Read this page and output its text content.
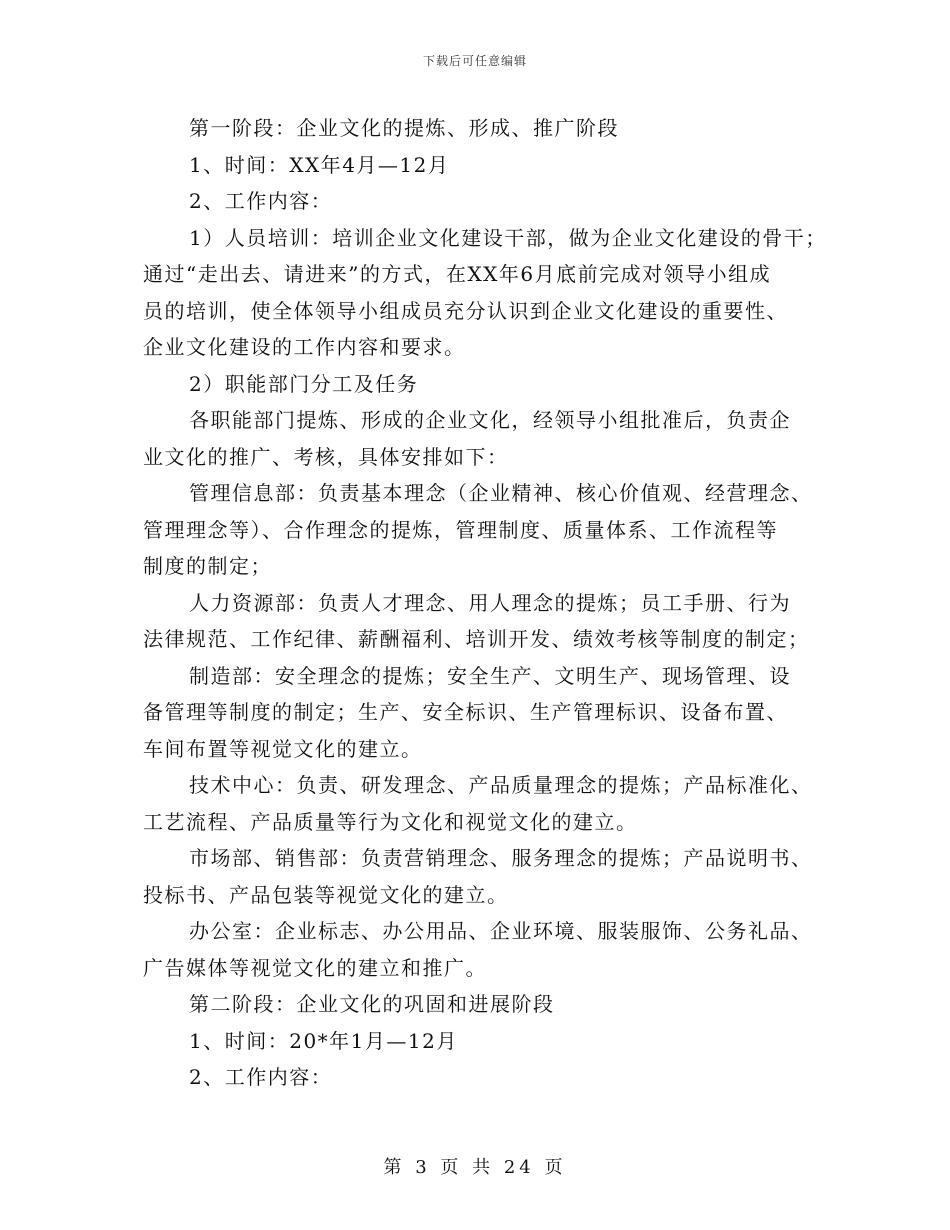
下载后可任意编辑
第一阶段：企业文化的提炼、形成、推广阶段
1、时间：XX年4月—12月
2、工作内容：
1）人员培训：培训企业文化建设干部，做为企业文化建设的骨干；
通过“走出去、请进来”的方式，在XX年6月底前完成对领导小组成
员的培训，使全体领导小组成员充分认识到企业文化建设的重要性、
企业文化建设的工作内容和要求。
2）职能部门分工及任务
各职能部门提炼、形成的企业文化，经领导小组批准后，负责企
业文化的推广、考核，具体安排如下：
管理信息部：负责基本理念（企业精神、核心价值观、经营理念、
管理理念等）、合作理念的提炼，管理制度、质量体系、工作流程等
制度的制定；
人力资源部：负责人才理念、用人理念的提炼；员工手册、行为
法律规范、工作纪律、薪酬福利、培训开发、绩效考核等制度的制定；
制造部：安全理念的提炼；安全生产、文明生产、现场管理、设
备管理等制度的制定；生产、安全标识、生产管理标识、设备布置、
车间布置等视觉文化的建立。
技术中心：负责、研发理念、产品质量理念的提炼；产品标准化、
工艺流程、产品质量等行为文化和视觉文化的建立。
市场部、销售部：负责营销理念、服务理念的提炼；产品说明书、
投标书、产品包装等视觉文化的建立。
办公室：企业标志、办公用品、企业环境、服装服饰、公务礼品、
广告媒体等视觉文化的建立和推广。
第二阶段：企业文化的巩固和进展阶段
1、时间：20*年1月—12月
2、工作内容：
第 3 页 共 24 页
